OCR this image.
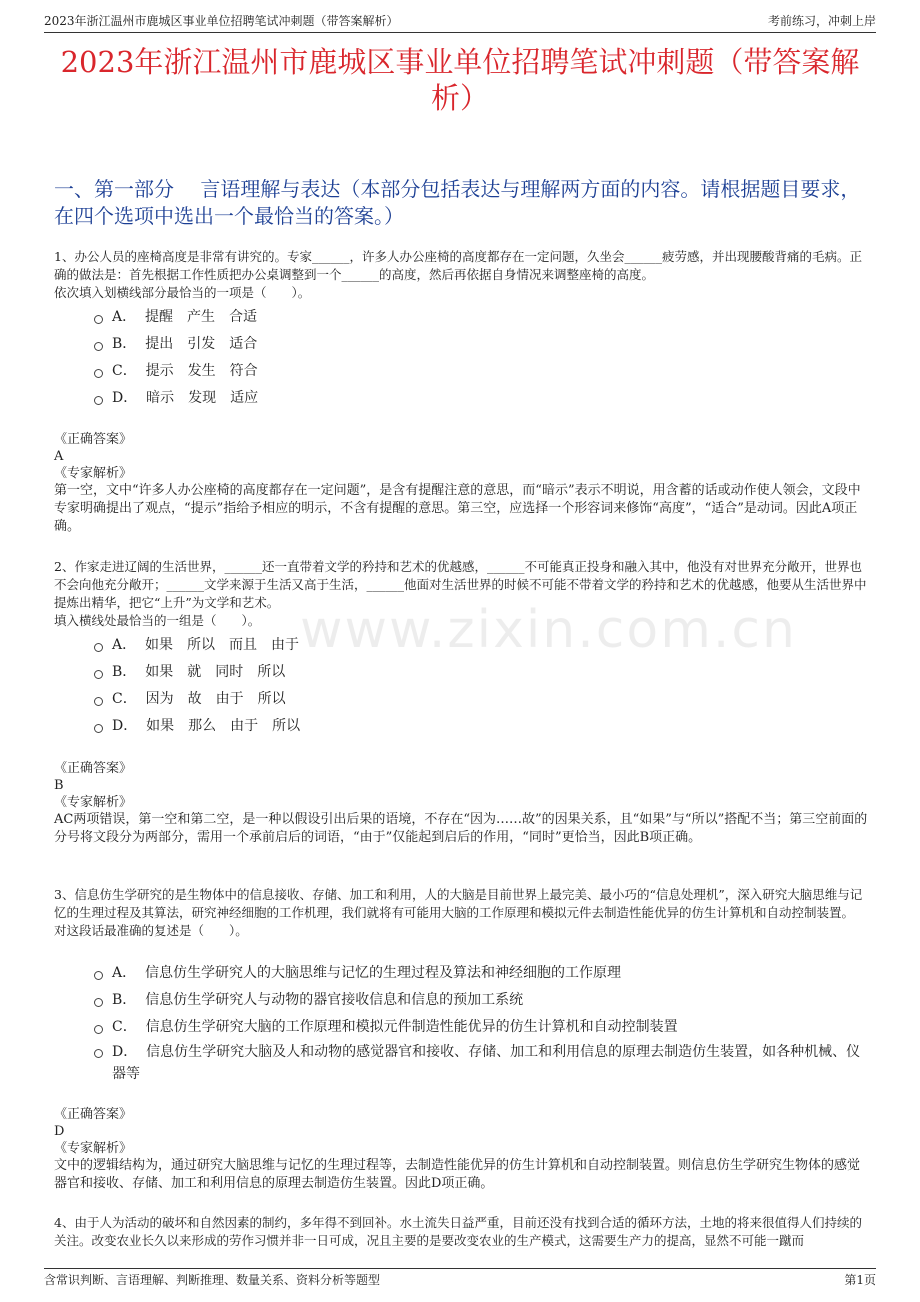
2023年浙江温州市鹿城区事业单位招聘笔试冲刺题（带答案解析）	考前练习，冲刺上岸
2023年浙江温州市鹿城区事业单位招聘笔试冲刺题（带答案解析）
一、第一部分　 言语理解与表达（本部分包括表达与理解两方面的内容。请根据题目要求，在四个选项中选出一个最恰当的答案。）
www.zixin.com.cn

1、办公人员的座椅高度是非常有讲究的。专家______，许多人办公座椅的高度都存在一定问题，久坐会______疲劳感，并出现腰酸背痛的毛病。正确的做法是：首先根据工作性质把办公桌调整到一个______的高度，然后再依据自身情况来调整座椅的高度。

依次填入划横线部分最恰当的一项是（　　）。

A．  提醒　产生　合适
B．  提出　引发　适合
C．  提示　发生　符合
D．  暗示　发现　适应

《正确答案》

A

《专家解析》

第一空，文中“许多人办公座椅的高度都存在一定问题”，是含有提醒注意的意思，而“暗示”表示不明说，用含蓄的话或动作使人领会，文段中专家明确提出了观点，“提示”指给予相应的明示，不含有提醒的意思。第三空，应选择一个形容词来修饰“高度”，“适合”是动词。因此A项正确。

2、作家走进辽阔的生活世界，______还一直带着文学的矜持和艺术的优越感，______不可能真正投身和融入其中，他没有对世界充分敞开，世界也不会向他充分敞开；______文学来源于生活又高于生活，______他面对生活世界的时候不可能不带着文学的矜持和艺术的优越感，他要从生活世界中提炼出精华，把它“上升”为文学和艺术。

填入横线处最恰当的一组是（　　）。

A．  如果　所以　而且　由于
B．  如果　就　同时　所以
C．  因为　故　由于　所以
D．  如果　那么　由于　所以

《正确答案》

B

《专家解析》

AC两项错误，第一空和第二空，是一种以假设引出后果的语境，不存在“因为……故”的因果关系，且“如果”与“所以”搭配不当；第三空前面的分号将文段分为两部分，需用一个承前启后的词语，“由于”仅能起到启后的作用，“同时”更恰当，因此B项正确。

3、信息仿生学研究的是生物体中的信息接收、存储、加工和利用，人的大脑是目前世界上最完美、最小巧的“信息处理机”，深入研究大脑思维与记忆的生理过程及其算法，研究神经细胞的工作机理，我们就将有可能用大脑的工作原理和模拟元件去制造性能优异的仿生计算机和自动控制装置。

对这段话最准确的复述是（　　）。

A．  信息仿生学研究人的大脑思维与记忆的生理过程及算法和神经细胞的工作原理
B．  信息仿生学研究人与动物的器官接收信息和信息的预加工系统
C．  信息仿生学研究大脑的工作原理和模拟元件制造性能优异的仿生计算机和自动控制装置
D．  信息仿生学研究大脑及人和动物的感觉器官和接收、存储、加工和利用信息的原理去制造仿生装置，如各种机械、仪器等

《正确答案》

D

《专家解析》

文中的逻辑结构为，通过研究大脑思维与记忆的生理过程等，去制造性能优异的仿生计算机和自动控制装置。则信息仿生学研究生物体的感觉器官和接收、存储、加工和利用信息的原理去制造仿生装置。因此D项正确。

4、由于人为活动的破坏和自然因素的制约，多年得不到回补。水土流失日益严重，目前还没有找到合适的循环方法，土地的将来很值得人们持续的关注。改变农业长久以来形成的劳作习惯并非一日可成，况且主要的是要改变农业的生产模式，这需要生产力的提高，显然不可能一蹴而

含常识判断、言语理解、判断推理、数量关系、资料分析等题型	第1页
